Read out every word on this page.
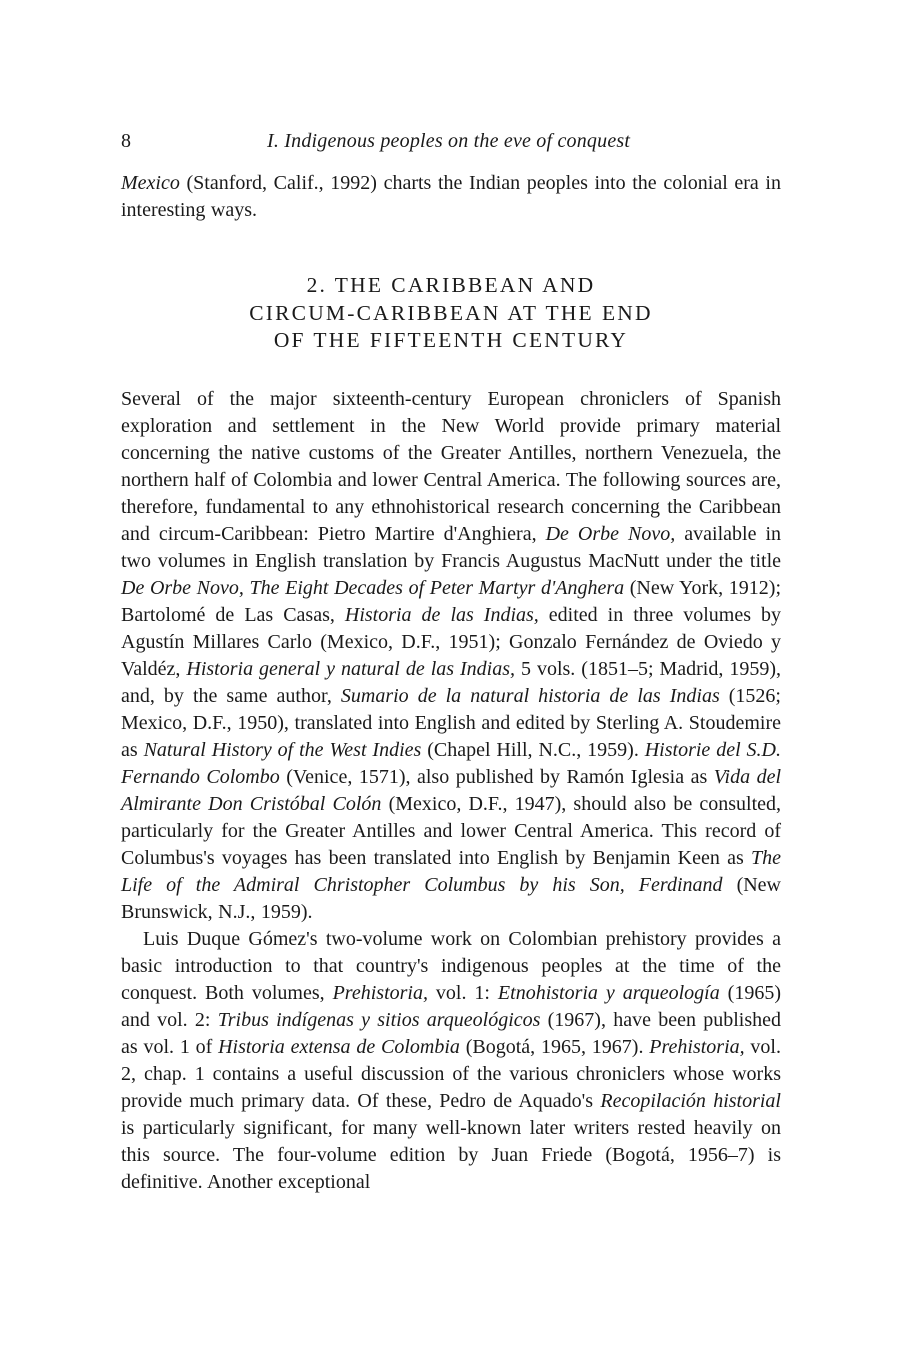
8	I. Indigenous peoples on the eve of conquest

Mexico (Stanford, Calif., 1992) charts the Indian peoples into the colonial era in interesting ways.

2. THE CARIBBEAN AND
CIRCUM-CARIBBEAN AT THE END
OF THE FIFTEENTH CENTURY

Several of the major sixteenth-century European chroniclers of Spanish exploration and settlement in the New World provide primary material concerning the native customs of the Greater Antilles, northern Venezuela, the northern half of Colombia and lower Central America. The following sources are, therefore, fundamental to any ethnohistorical research concerning the Caribbean and circum-Caribbean: Pietro Martire d'Anghiera, De Orbe Novo, available in two volumes in English translation by Francis Augustus MacNutt under the title De Orbe Novo, The Eight Decades of Peter Martyr d'Anghera (New York, 1912); Bartolomé de Las Casas, Historia de las Indias, edited in three volumes by Agustín Millares Carlo (Mexico, D.F., 1951); Gonzalo Fernández de Oviedo y Valdéz, Historia general y natural de las Indias, 5 vols. (1851–5; Madrid, 1959), and, by the same author, Sumario de la natural historia de las Indias (1526; Mexico, D.F., 1950), translated into English and edited by Sterling A. Stoudemire as Natural History of the West Indies (Chapel Hill, N.C., 1959). Historie del S.D. Fernando Colombo (Venice, 1571), also published by Ramón Iglesia as Vida del Almirante Don Cristóbal Colón (Mexico, D.F., 1947), should also be consulted, particularly for the Greater Antilles and lower Central America. This record of Columbus's voyages has been translated into English by Benjamin Keen as The Life of the Admiral Christopher Columbus by his Son, Ferdinand (New Brunswick, N.J., 1959).

Luis Duque Gómez's two-volume work on Colombian prehistory provides a basic introduction to that country's indigenous peoples at the time of the conquest. Both volumes, Prehistoria, vol. 1: Etnohistoria y arqueología (1965) and vol. 2: Tribus indígenas y sitios arqueológicos (1967), have been published as vol. 1 of Historia extensa de Colombia (Bogotá, 1965, 1967). Prehistoria, vol. 2, chap. 1 contains a useful discussion of the various chroniclers whose works provide much primary data. Of these, Pedro de Aquado's Recopilación historial is particularly significant, for many well-known later writers rested heavily on this source. The four-volume edition by Juan Friede (Bogotá, 1956–7) is definitive. Another exceptional
